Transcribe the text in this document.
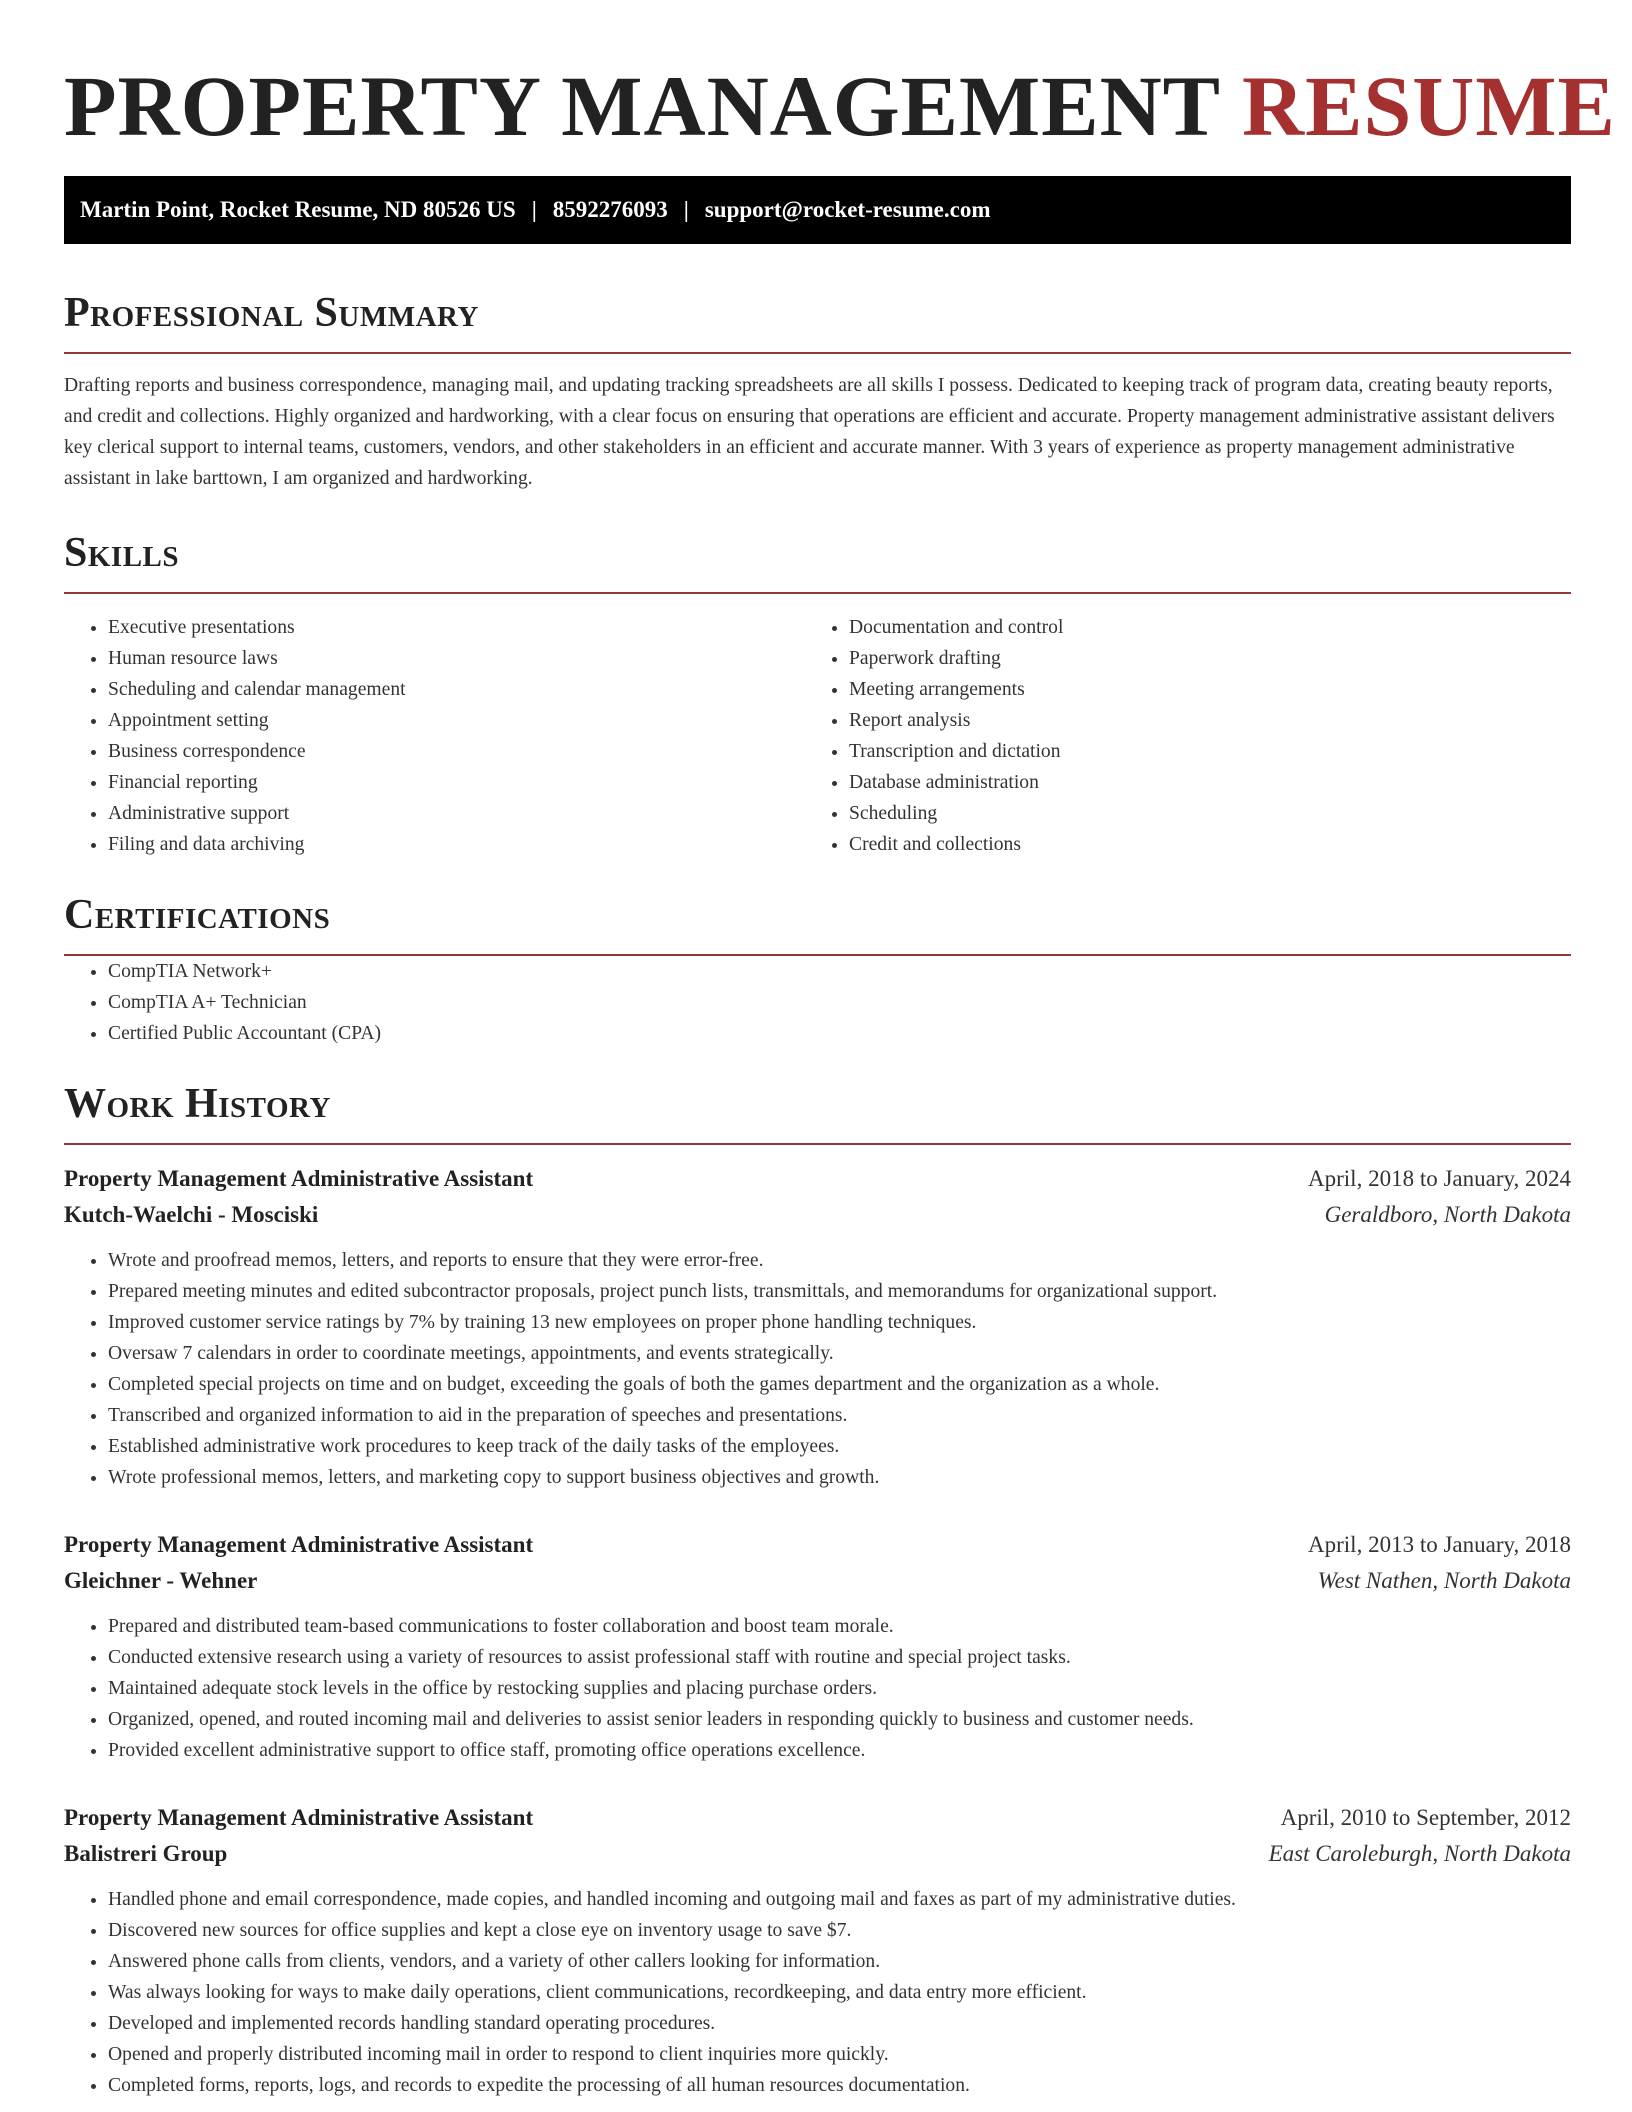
PROPERTY MANAGEMENT RESUME
Martin Point, Rocket Resume, ND 80526 US | 8592276093 | support@rocket-resume.com
Professional Summary

Drafting reports and business correspondence, managing mail, and updating tracking spreadsheets are all skills I possess. Dedicated to keeping track of program data, creating beauty reports, and credit and collections. Highly organized and hardworking, with a clear focus on ensuring that operations are efficient and accurate. Property management administrative assistant delivers key clerical support to internal teams, customers, vendors, and other stakeholders in an efficient and accurate manner. With 3 years of experience as property management administrative assistant in lake barttown, I am organized and hardworking.

Skills
• Executive presentations
• Human resource laws
• Scheduling and calendar management
• Appointment setting
• Business correspondence
• Financial reporting
• Administrative support
• Filing and data archiving
• Documentation and control
• Paperwork drafting
• Meeting arrangements
• Report analysis
• Transcription and dictation
• Database administration
• Scheduling
• Credit and collections
Certifications
• CompTIA Network+
• CompTIA A+ Technician
• Certified Public Accountant (CPA)
Work History
Property Management Administrative Assistant	April, 2018 to January, 2024
Kutch-Waelchi - Mosciski	Geraldboro, North Dakota
• Wrote and proofread memos, letters, and reports to ensure that they were error-free.
• Prepared meeting minutes and edited subcontractor proposals, project punch lists, transmittals, and memorandums for organizational support.
• Improved customer service ratings by 7% by training 13 new employees on proper phone handling techniques.
• Oversaw 7 calendars in order to coordinate meetings, appointments, and events strategically.
• Completed special projects on time and on budget, exceeding the goals of both the games department and the organization as a whole.
• Transcribed and organized information to aid in the preparation of speeches and presentations.
• Established administrative work procedures to keep track of the daily tasks of the employees.
• Wrote professional memos, letters, and marketing copy to support business objectives and growth.
Property Management Administrative Assistant	April, 2013 to January, 2018
Gleichner - Wehner	West Nathen, North Dakota
• Prepared and distributed team-based communications to foster collaboration and boost team morale.
• Conducted extensive research using a variety of resources to assist professional staff with routine and special project tasks.
• Maintained adequate stock levels in the office by restocking supplies and placing purchase orders.
• Organized, opened, and routed incoming mail and deliveries to assist senior leaders in responding quickly to business and customer needs.
• Provided excellent administrative support to office staff, promoting office operations excellence.
Property Management Administrative Assistant	April, 2010 to September, 2012
Balistreri Group	East Caroleburgh, North Dakota
• Handled phone and email correspondence, made copies, and handled incoming and outgoing mail and faxes as part of my administrative duties.
• Discovered new sources for office supplies and kept a close eye on inventory usage to save $7.
• Answered phone calls from clients, vendors, and a variety of other callers looking for information.
• Was always looking for ways to make daily operations, client communications, recordkeeping, and data entry more efficient.
• Developed and implemented records handling standard operating procedures.
• Opened and properly distributed incoming mail in order to respond to client inquiries more quickly.
• Completed forms, reports, logs, and records to expedite the processing of all human resources documentation.
